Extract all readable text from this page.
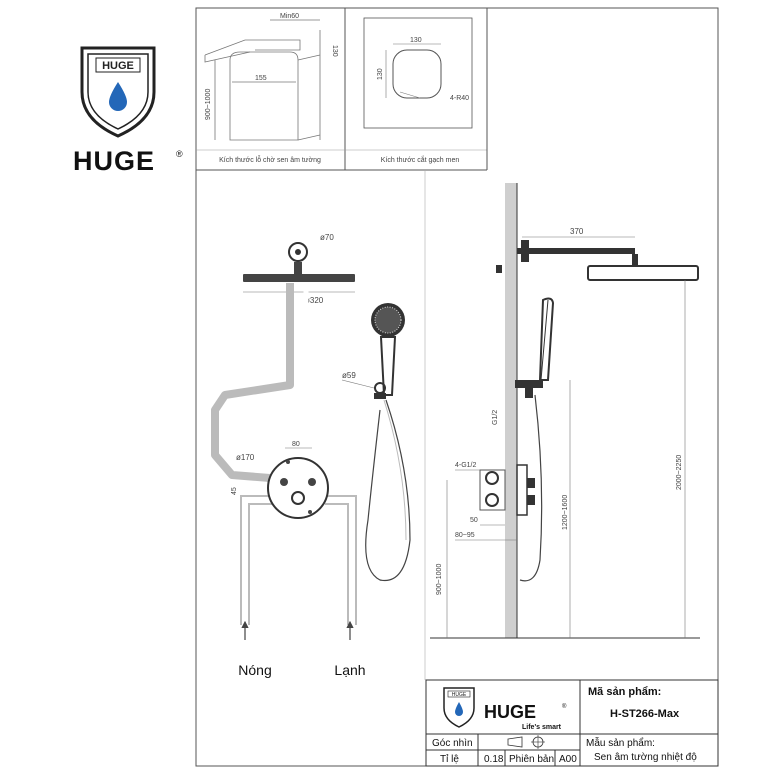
HUGE
HUGE ®
Min60
130
155
900~1000
Kích thước lỗ chờ sen âm tường
130
130
4-R40
Kích thước cắt gạch men
ø320
ø70
Nóng	Lạnh
80
ø170
45
ø59
370
G1/2
4-G1/2
50
80~95
900~1000
1200~1600
2000~2250
HUGE
HUGE	®
Life's smart
Mã sản phẩm:
H-ST266-Max
Góc nhìn
Tỉ lệ	0.18 Phiên bản A00
Mẫu sản phẩm:
Sen âm tường nhiệt độ
